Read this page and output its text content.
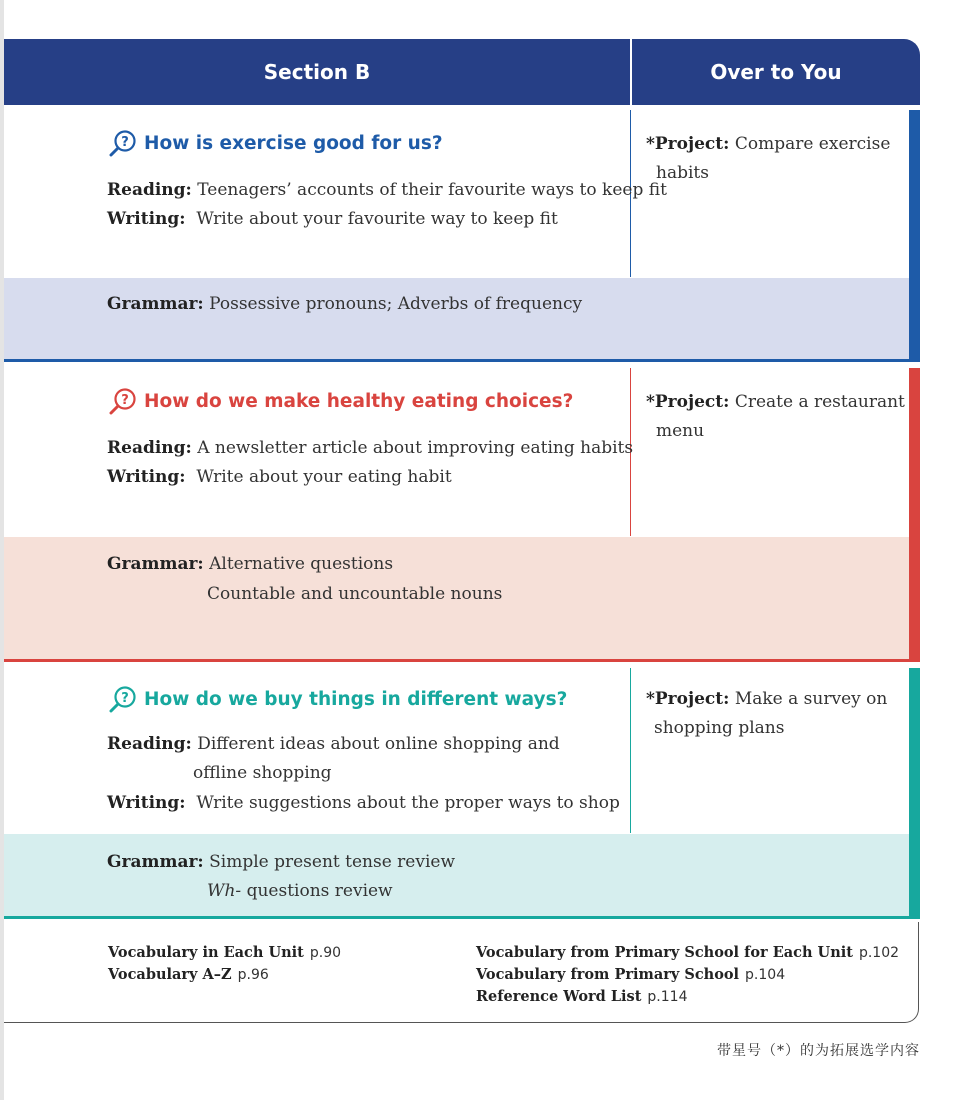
Section B	Over to You
? How is exercise good for us?
Reading: Teenagers’ accounts of their favourite ways to keep fit
Writing: Write about your favourite way to keep fit
*Project: Compare exercise
habits
Grammar: Possessive pronouns; Adverbs of frequency
? How do we make healthy eating choices?
Reading: A newsletter article about improving eating habits
Writing: Write about your eating habit
*Project: Create a restaurant
menu
Grammar: Alternative questions
Countable and uncountable nouns
? How do we buy things in different ways?
Reading: Different ideas about online shopping and
offline shopping
Writing: Write suggestions about the proper ways to shop
*Project: Make a survey on
shopping plans
Grammar: Simple present tense review
Wh- questions review
Vocabulary in Each Unit p.90
Vocabulary A–Z p.96
Vocabulary from Primary School for Each Unit p.102
Vocabulary from Primary School p.104
Reference Word List p.114
带星号（*）的为拓展选学内容
